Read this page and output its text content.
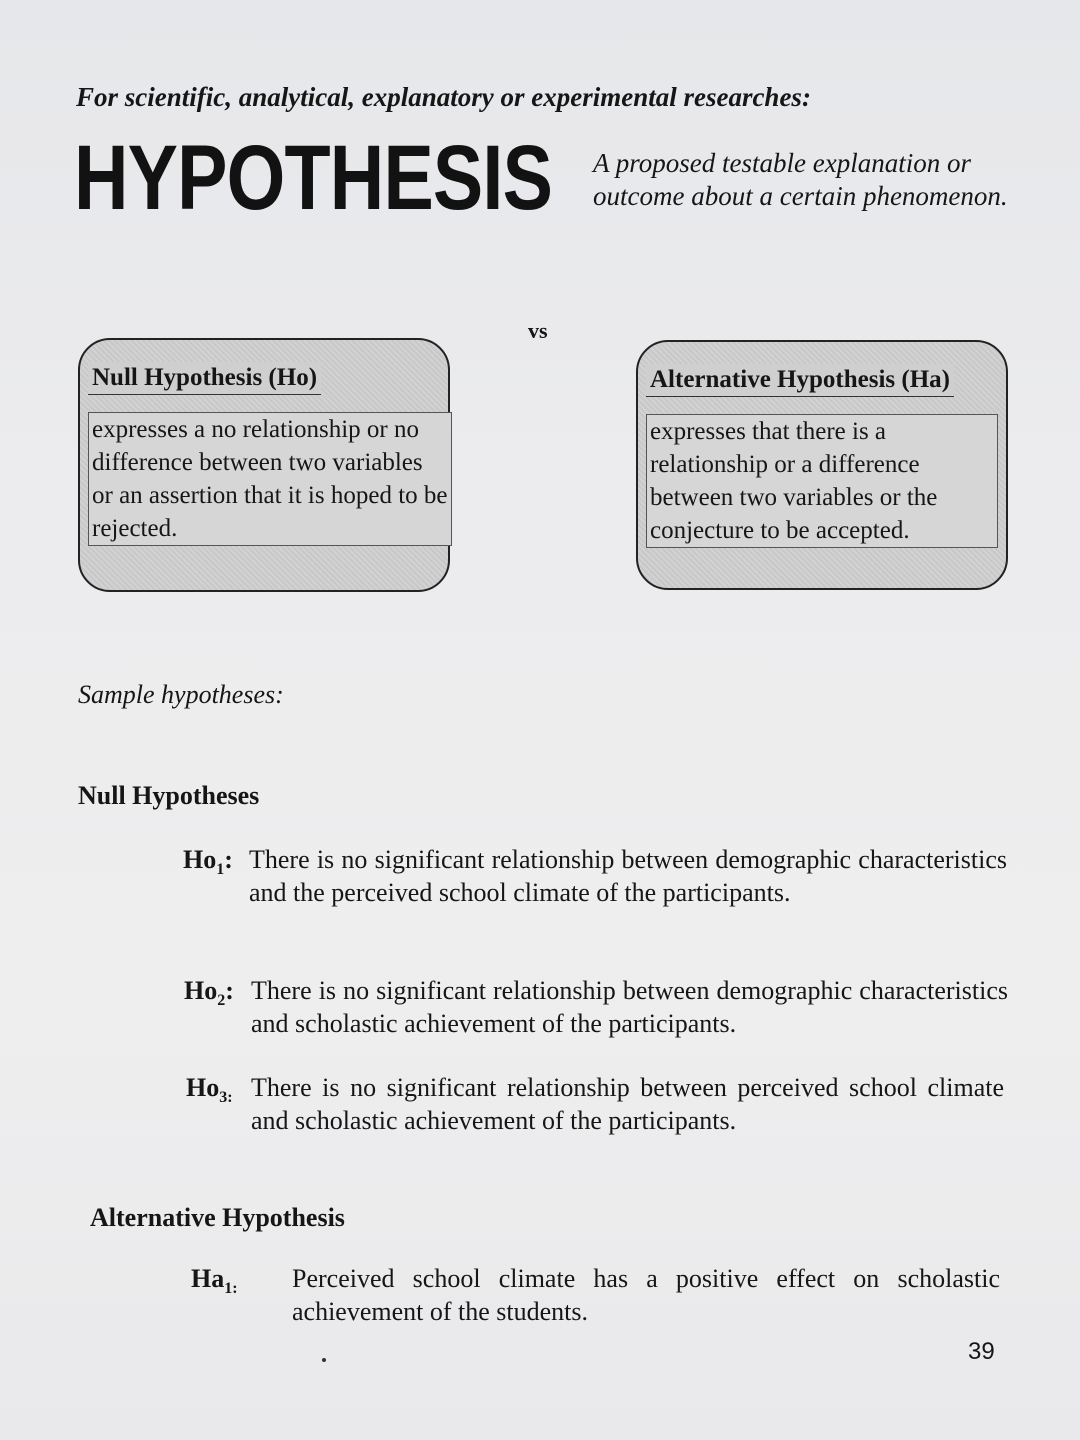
For scientific, analytical, explanatory or experimental researches:

HYPOTHESIS A proposed testable explanation or outcome about a certain phenomenon.

vs

Null Hypothesis (Ho)

expresses a no relationship or no difference between two variables or an assertion that it is hoped to be rejected.

Alternative Hypothesis (Ha)

expresses that there is a relationship or a difference between two variables or the conjecture to be accepted.

Sample hypotheses:

Null Hypotheses

$Ho_1$: There is no significant relationship between demographic characteristics and the perceived school climate of the participants.

$Ho_2$: There is no significant relationship between demographic characteristics and scholastic achievement of the participants.

$Ho_{3:}$ There is no significant relationship between perceived school climate and scholastic achievement of the participants.

Alternative Hypothesis

$Ha_{1:}$ Perceived school climate has a positive effect on scholastic achievement of the students.

39
